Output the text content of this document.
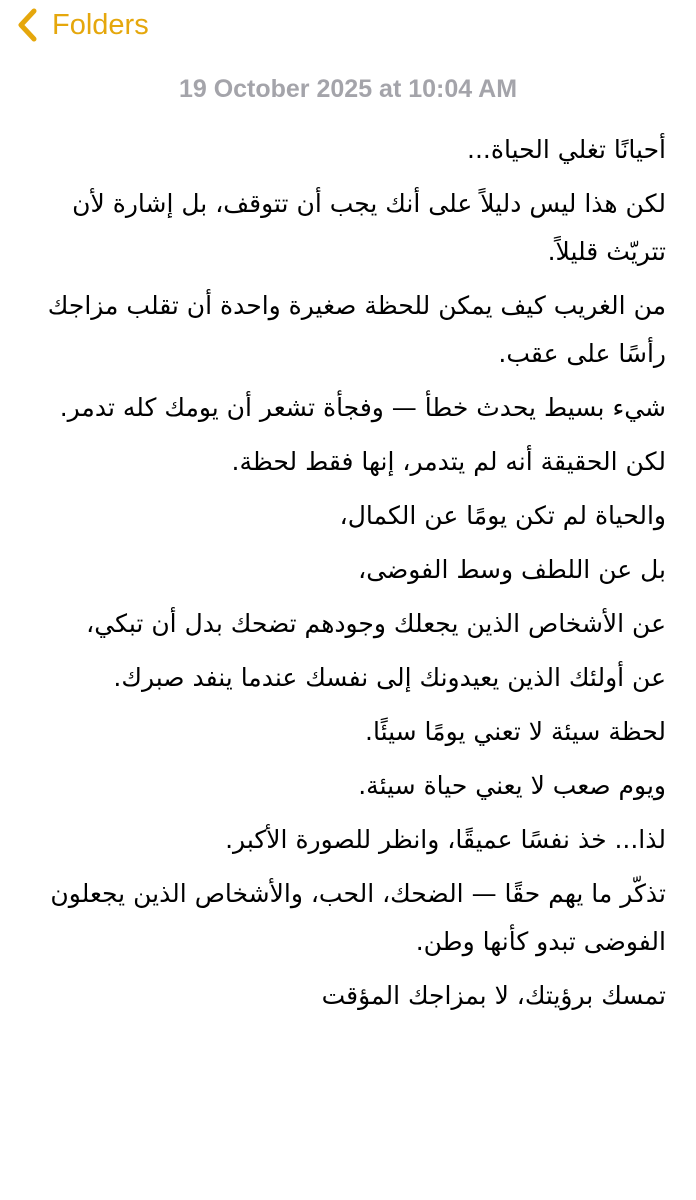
Folders
19 October 2025 at 10:04 AM

أحيانًا تغلي الحياة...

لكن هذا ليس دليلاً على أنك يجب أن تتوقف، بل إشارة لأن تتريّث قليلاً.

من الغريب كيف يمكن للحظة صغيرة واحدة أن تقلب مزاجك رأسًا على عقب.

شيء بسيط يحدث خطأ — وفجأة تشعر أن يومك كله تدمر.

لكن الحقيقة أنه لم يتدمر، إنها فقط لحظة.

والحياة لم تكن يومًا عن الكمال،

بل عن اللطف وسط الفوضى،

عن الأشخاص الذين يجعلك وجودهم تضحك بدل أن تبكي،

عن أولئك الذين يعيدونك إلى نفسك عندما ينفد صبرك.

لحظة سيئة لا تعني يومًا سيئًا.

ويوم صعب لا يعني حياة سيئة.

لذا... خذ نفسًا عميقًا، وانظر للصورة الأكبر.

تذكّر ما يهم حقًا — الضحك، الحب، والأشخاص الذين يجعلون الفوضى تبدو كأنها وطن.

تمسك برؤيتك، لا بمزاجك المؤقت
